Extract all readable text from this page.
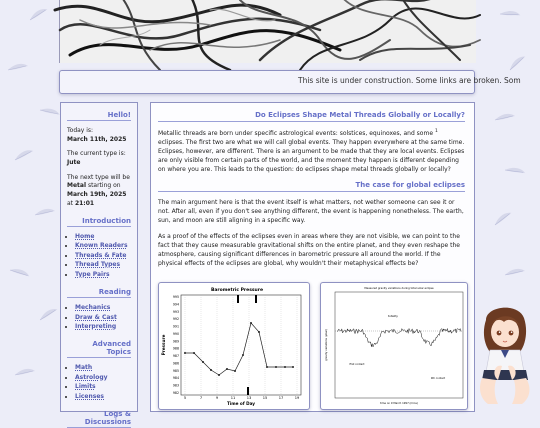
This site is under construction. Some links are broken. Som
Hello!

Today is:
March 11th, 2025

The current type is:
Jute

The next type will be Metal starting on March 19th, 2025 at 21:01

Introduction
• Home
• Known Readers
• Threads & Fate
• Thread Types
• Type Pairs
Reading
• Mechanics
• Draw & Cast
• Interpreting
Advanced Topics
• Math
• Astrology
• Limits
• Licenses
Logs & Discussions
Do Eclipses Shape Metal Threads Globally or Locally?

Metallic threads are born under specific astrological events: solstices, equinoxes, and some $^1$ eclipses. The first two are what we will call global events. They happen everywhere at the same time. Eclipses, however, are different. There is an argument to be made that they are local events. Eclipses are only visible from certain parts of the world, and the moment they happen is different depending on where you are. This leads to the question: do eclipses shape metal threads globally or locally?

The case for global eclipses

The main argument here is that the event itself is what matters, not wether someone can see it or not. After all, even if you don't see anything different, the event is happening nonetheless. The earth, sun, and moon are still aligning in a specific way.

As a proof of the effects of the eclipses even in areas where they are not visible, we can point to the fact that they cause measurable gravitational shifts on the entire planet, and they even reshape the atmosphere, causing significant differences in barometric pressure all around the world. If the physical effects of the eclipses are global, why wouldn't their metaphysical effects be?

Barometric Pressure
995
994
993
992
991
990
989
988
987
986
985
984
983
982
5	7	9	11	13	15	17	19
Time of Day
Pressure
Measured gravity variations during total solar eclipse
totality
first contact
4th contact
time on 9 March 1997 (mins)
gravity variations (µGal)
